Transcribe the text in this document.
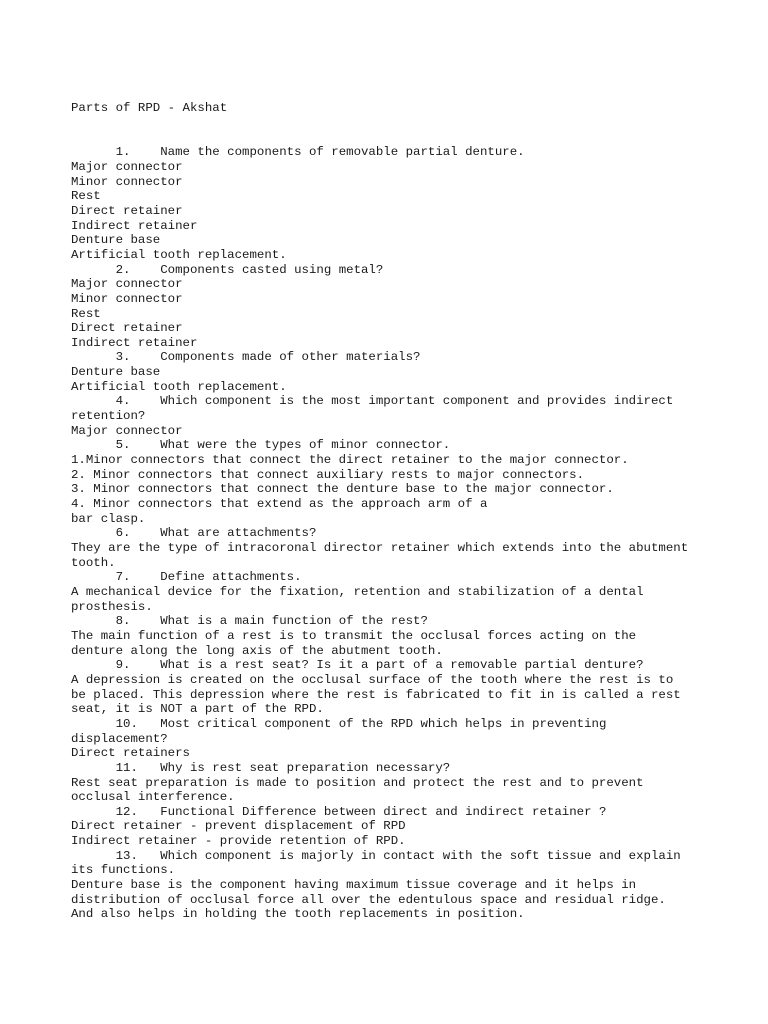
Parts of RPD - Akshat

1.    Name the components of removable partial denture.
Major connector
Minor connector
Rest
Direct retainer
Indirect retainer
Denture base
Artificial tooth replacement.
2.    Components casted using metal?
Major connector
Minor connector
Rest
Direct retainer
Indirect retainer
3.    Components made of other materials?
Denture base
Artificial tooth replacement.
4.    Which component is the most important component and provides indirect
retention?
Major connector
5.    What were the types of minor connector.
1.Minor connectors that connect the direct retainer to the major connector.
2. Minor connectors that connect auxiliary rests to major connectors.
3. Minor connectors that connect the denture base to the major connector.
4. Minor connectors that extend as the approach arm of a
bar clasp.
6.    What are attachments?
They are the type of intracoronal director retainer which extends into the abutment
tooth.
7.    Define attachments.
A mechanical device for the fixation, retention and stabilization of a dental
prosthesis.
8.    What is a main function of the rest?
The main function of a rest is to transmit the occlusal forces acting on the
denture along the long axis of the abutment tooth.
9.    What is a rest seat? Is it a part of a removable partial denture?
A depression is created on the occlusal surface of the tooth where the rest is to
be placed. This depression where the rest is fabricated to fit in is called a rest
seat, it is NOT a part of the RPD.
10.   Most critical component of the RPD which helps in preventing
displacement?
Direct retainers
11.   Why is rest seat preparation necessary?
Rest seat preparation is made to position and protect the rest and to prevent
occlusal interference.
12.   Functional Difference between direct and indirect retainer ?
Direct retainer - prevent displacement of RPD
Indirect retainer - provide retention of RPD.
13.   Which component is majorly in contact with the soft tissue and explain
its functions.
Denture base is the component having maximum tissue coverage and it helps in
distribution of occlusal force all over the edentulous space and residual ridge.
And also helps in holding the tooth replacements in position.
